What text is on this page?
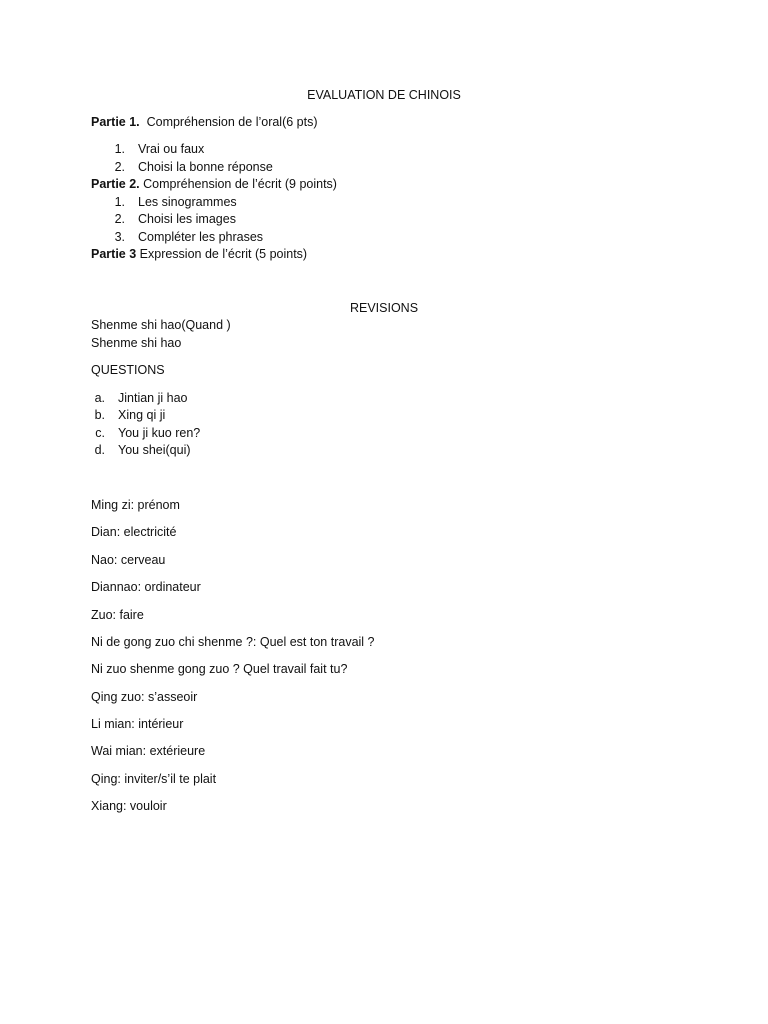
EVALUATION DE CHINOIS
Partie 1. Compréhension de l’oral(6 pts)
1. Vrai ou faux
2. Choisi la bonne réponse
Partie 2. Compréhension de l’écrit (9 points)
1. Les sinogrammes
2. Choisi les images
3. Compléter les phrases
Partie 3 Expression de l’écrit (5 points)
REVISIONS
Shenme shi hao(Quand )
Shenme shi hao
QUESTIONS
a. Jintian ji hao
b. Xing qi ji
c. You ji kuo ren?
d. You shei(qui)
Ming zi: prénom
Dian: electricité
Nao: cerveau
Diannao: ordinateur
Zuo: faire
Ni de gong zuo chi shenme ?: Quel est ton travail ?
Ni zuo shenme gong zuo ? Quel travail fait tu?
Qing zuo: s’asseoir
Li mian: intérieur
Wai mian: extérieure
Qing: inviter/s’il te plait
Xiang: vouloir
